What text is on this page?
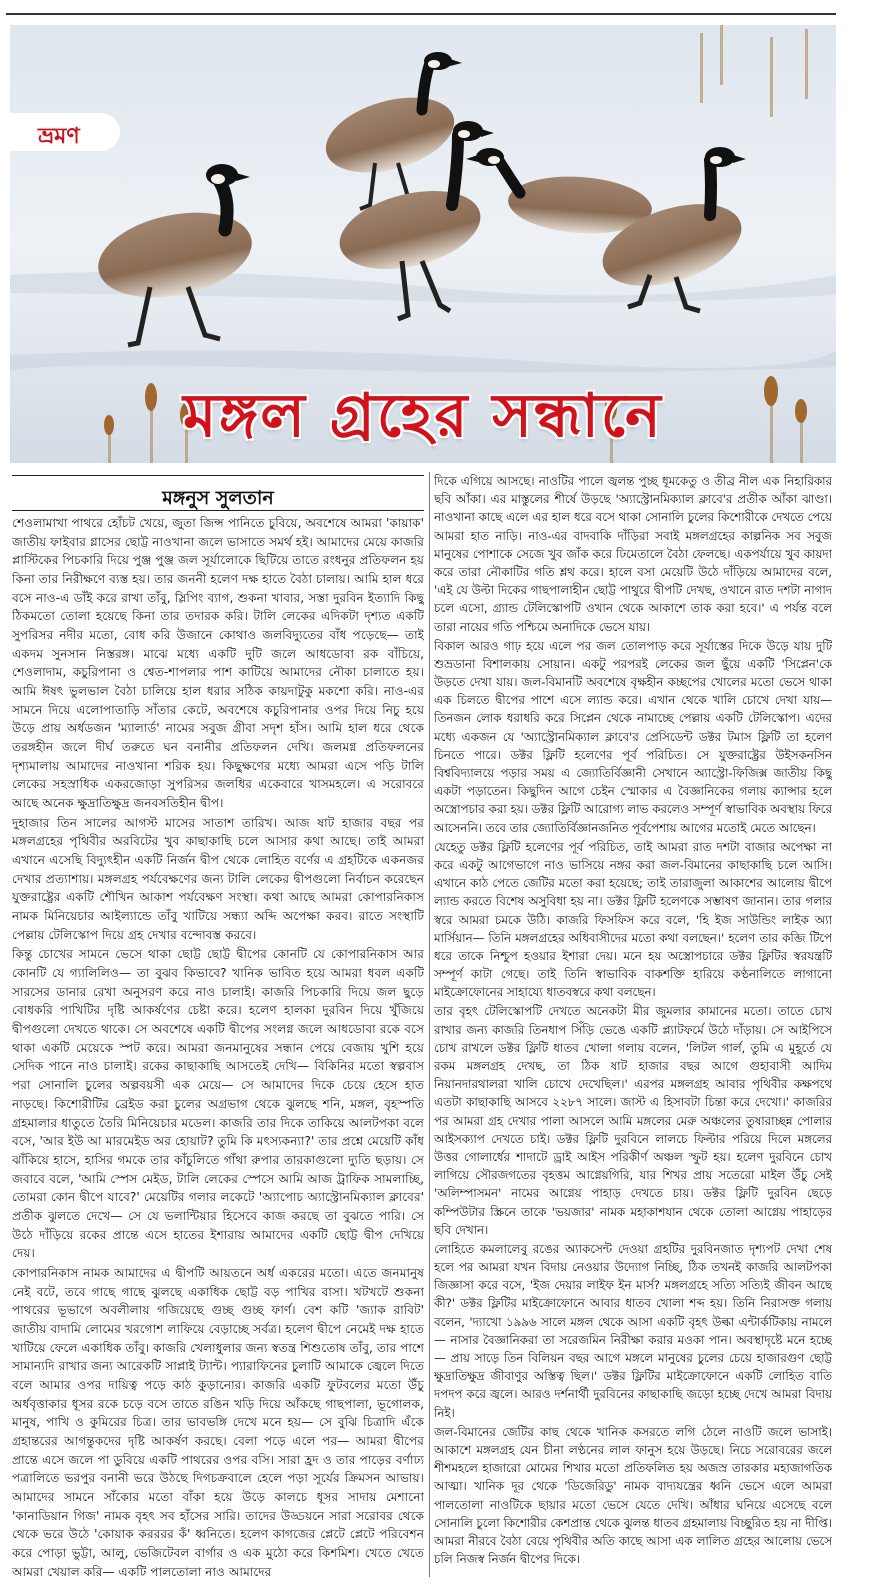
ভ্রমণ
মঙ্গল গ্রহের সন্ধানে
মঙ্গনুস সুলতান

শেওলামাখা পাথরে হোঁচট খেয়ে, জুতা জিন্স পানিতে চুবিয়ে, অবশেষে আমরা 'কায়াক' জাতীয় ফাইবার গ্লাসের ছোট্ট নাওখানা জলে ভাসাতে সমর্থ হই। আমাদের মেয়ে কাজরি প্লাস্টিকের পিচকারি দিয়ে পুঞ্জ পুঞ্জ জল সূর্যালোকে ছিটিয়ে তাতে রংধনুর প্রতিফলন হয় কিনা তার নিরীক্ষণে ব্যস্ত হয়। তার জননী হলেণ দক্ষ হাতে বৈঠা চালায়। আমি হাল ধরে বসে নাও-এ ডাঁই করে রাখা তাঁবু, স্লিপিং ব্যাগ, শুকনা খাবার, সস্তা দুরবিন ইত্যাদি কিছু ঠিকমতো তোলা হয়েছে কিনা তার তদারক করি। টালি লেকের এদিকটা দৃশ্যত একটি সুপরিসর নদীর মতো, বোধ করি উজানে কোথাও জলবিদ্যুতের বাঁধ পড়েছে— তাই একদম সুনসান নিস্তরঙ্গ। মাঝে মধ্যে একটি দুটি জলে আধডোবা রক বাঁচিয়ে, শেওলাদাম, কচুরিপানা ও শ্বেত-শাপলার পাশ কাটিয়ে আমাদের নৌকা চালাতে হয়। আমি ঈষৎ ভুলভাল বৈঠা চালিয়ে হাল ধরার সঠিক কায়দাটুকু মকশো করি। নাও-এর সামনে দিয়ে এলোপাতাড়ি সাঁতার কেটে, অবশেষে কচুরিপানার ওপর দিয়ে নিচু হয়ে উড়ে প্রায় অর্ধডজন 'ম্যালার্ড' নামের সবুজ গ্রীবা সদৃশ হাঁস। আমি হাল ধরে থেকে তরঙ্গহীন জলে দীর্ঘ তরুতে ঘন বনানীর প্রতিফলন দেখি। জলমগ্ন প্রতিফলনের দৃশ্যমালায় আমাদের নাওখানা শরিক হয়। কিছুক্ষণের মধ্যে আমরা এসে পড়ি টালি লেকের সহস্রাধিক একরজোড়া সুপরিসর জলধির একেবারে খাসমহলে। এ সরোবরে আছে অনেক ক্ষুদ্রাতিক্ষুদ্র জনবসতিহীন দ্বীপ।

দুহাজার তিন সালের আগস্ট মাসের সাতাশ তারিখ। আজ ষাট হাজার বছর পর মঙ্গলগ্রহের পৃথিবীর অরবিটের খুব কাছাকাছি চলে আসার কথা আছে। তাই আমরা এখানে এসেছি বিদ্যুৎহীন একটি নির্জন দ্বীপ থেকে লোহিত বর্ণের এ গ্রহটিকে একনজর দেখার প্রত্যাশায়। মঙ্গলগ্রহ পর্যবেক্ষণের জন্য টালি লেকের দ্বীপগুলো নির্বাচন করেছেন যুক্তরাষ্ট্রের একটি শৌখিন আকাশ পর্যবেক্ষণ সংস্থা। কথা আছে আমরা কোপারনিকাস নামক মিনিয়েচার আইল্যান্ডে তাঁবু খাটিয়ে সন্ধ্যা অব্দি অপেক্ষা করব। রাতে সংস্থাটি পেল্লায় টেলিস্কোপ দিয়ে গ্রহ দেখার বন্দোবস্ত করবে।

কিন্তু চোখের সামনে ভেসে থাকা ছোট্ট ছোট্ট দ্বীপের কোনটি যে কোপারনিকাস আর কোনটি যে গ্যালিলিও— তা বুঝব কিভাবে? খানিক ভাবিত হয়ে আমরা ধবল একটি সারসের ডানার রেখা অনুসরণ করে নাও চালাই। কাজরি পিচকারি দিয়ে জল ছুড়ে বোধকরি পাখিটির দৃষ্টি আকর্ষণের চেষ্টা করে। হলেণ হালকা দুরবিন দিয়ে খুঁজিয়ে দ্বীপগুলো দেখতে থাকে। সে অবশেষে একটি দ্বীপের সংলগ্ন জলে আধডোবা রকে বসে থাকা একটি মেয়েকে স্পট করে। আমরা জনমানুষের সন্ধান পেয়ে বেজায় খুশি হয়ে সেদিক পানে নাও চালাই। রকের কাছাকাছি আসতেই দেখি— বিকিনির মতো স্বল্পবাস পরা সোনালি চুলের অল্পবয়সী এক মেয়ে— সে আমাদের দিকে চেয়ে হেসে হাত নাড়ছে। কিশোরীটির ব্রেইড করা চুলের অগ্রভাগ থেকে ঝুলছে শনি, মঙ্গল, বৃহস্পতি গ্রহমালার ধাতুতে তৈরি মিনিয়েচার মডেল। কাজরি তার দিকে তাকিয়ে আলটপকা বলে বসে, 'আর ইউ আ মারমেইড অর হোয়াট? তুমি কি মৎস্যকন্যা?' তার প্রশ্নে মেয়েটি কাঁধ ঝাঁকিয়ে হাসে, হাসির গমকে তার কাঁচুলিতে গাঁথা রুপার তারকাগুলো দ্যুতি ছড়ায়। সে জবাবে বলে, 'আমি স্পেস মেইড, টালি লেকের স্পেসে আমি আজ ট্রাফিক সামলাচ্ছি, তোমরা কোন দ্বীপে যাবে?' মেয়েটির গলার লকেটে 'অ্যাপোচ অ্যাস্ট্রোনমিক্যাল ক্লাবের' প্রতীক ঝুলতে দেখে— সে যে ভলান্টিয়ার হিসেবে কাজ করছে তা বুঝতে পারি। সে উঠে দাঁড়িয়ে রকের প্রান্তে এসে হাতের ইশারায় আমাদের একটি ছোট্ট দ্বীপ দেখিয়ে দেয়।

কোপারনিকাস নামক আমাদের এ দ্বীপটি আয়তনে অর্ধ একরের মতো। এতে জনমানুষ নেই বটে, তবে গাছে গাছে ঝুলছে একাধিক ছোট্ট বড় পাখির বাসা। খটখটে শুকনা পাথরের ভূভাগে অবলীলায় গজিয়েছে গুচ্ছ গুচ্ছ ফার্ণ। বেশ কটি 'জ্যাক রাবিট' জাতীয় বাদামি লোমের খরগোশ লাফিয়ে বেড়াচ্ছে সর্বত্র। হলেণ দ্বীপে নেমেই দক্ষ হাতে খাটিয়ে ফেলে একাধিক তাঁবু। কাজরি খেলাধুলার জন্য স্বতন্ত্র শিশুতোষ তাঁবু, তার পাশে সামান্যদি রাখার জন্য আরেকটি সাপ্লাই ট্যান্ট। প্যারাফিনের চুলাটি আমাকে জ্বেলে দিতে বলে আমার ওপর দায়িত্ব পড়ে কাঠ কুড়ানোর। কাজরি একটি ফুটবলের মতো উঁচু অর্ধবৃত্তাকার ধূসর রকে চড়ে বসে তাতে রঙিন খড়ি দিয়ে আঁকছে গাছপালা, ভূগোলক, মানুষ, পাখি ও কুমিরের চিত্র। তার ভাবভঙ্গি দেখে মনে হয়— সে বুঝি চিত্রাদি এঁকে গ্রহান্তরের আগন্তুকদের দৃষ্টি আকর্ষণ করছে। বেলা পড়ে এলে পর— আমরা দ্বীপের প্রান্তে এসে জলে পা ডুবিয়ে একটি পাথরের ওপর বসি। সারা হ্রদ ও তার পাড়ের বর্ণাঢ্য পত্রালিতে ভরপুর বনানী ভরে উঠছে দিগচক্রবালে হেলে পড়া সূর্যের ক্রিমসন আভায়। আমাদের সামনে সাঁকোর মতো বাঁকা হয়ে উড়ে কালচে ধূসর সাদায় মেশানো 'কানাডিয়ান গিজ' নামক বৃহৎ সব হাঁসের সারি। তাদের উড্ডয়নে সারা সরোবর থেকে থেকে ভরে উঠে 'কোয়াক করররর কঁ' ধ্বনিতে। হলেণ কাগজের প্লেটে প্লেটে পরিবেশন করে পোড়া ভুট্টা, আলু, ভেজিটেবল বার্গার ও এক মুঠো করে কিশমিশ। খেতে খেতে আমরা খেয়াল করি— একটি পালতোলা নাও আমাদের

দিকে এগিয়ে আসছে। নাওটির পালে জ্বলন্ত পুচ্ছ ধূমকেতু ও তীব্র নীল এক নিহারিকার ছবি আঁকা। এর মাস্তুলের শীর্ষে উড়ছে 'অ্যাস্ট্রোনমিক্যাল ক্লাবে'র প্রতীক আঁকা ঝাণ্ডা। নাওখানা কাছে এলে এর হাল ধরে বসে থাকা সোনালি চুলের কিশোরীকে দেখতে পেয়ে আমরা হাত নাড়ি। নাও-এর বাদবাকি দাঁড়িরা সবাই মঙ্গলগ্রহের কাল্পনিক সব সবুজ মানুষের পোশাকে সেজে খুব জাঁক করে ঢিমেতালে বৈঠা ফেলছে। একপর্যায়ে খুব কায়দা করে তারা নৌকাটির গতি শ্লথ করে। হালে বসা মেয়েটি উঠে দাঁড়িয়ে আমাদের বলে, 'এই যে উল্টা দিকের গাছপালাহীন ছোট্ট পাথুরে দ্বীপটি দেখছ, ওখানে রাত দশটা নাগাদ চলে এসো, গ্র্যান্ড টেলিস্কোপটি ওখান থেকে আকাশে তাক করা হবে।' এ পর্যন্ত বলে তারা নায়ের গতি পশ্চিমে অনাদিকে ভেসে যায়।

বিকাল আরও গাঢ় হয়ে এলে পর জল তোলপাড় করে সূর্যাস্তের দিকে উড়ে যায় দুটি শুভ্রডানা বিশালকায় সোয়ান। একটু পরপরই লেকের জল ছুঁয়ে একটি 'সিপ্লেন'কে উড়তে দেখা যায়। জল-বিমানটি অবশেষে বৃক্ষহীন কচ্ছপের খোলের মতো ভেসে থাকা এক চিলতে দ্বীপের পাশে এসে ল্যান্ড করে। এখান থেকে খালি চোখে দেখা যায়— তিনজন লোক ধরাধরি করে সিপ্লেন থেকে নামাচ্ছে পেল্লায় একটি টেলিস্কোপ। এদের মধ্যে একজন যে 'অ্যাস্ট্রোনমিক্যাল ক্লাবে'র প্রেসিডেন্ট ডক্টর টমাস ফ্লিটি তা হলেণ চিনতে পারে। ডক্টর ফ্লিটি হলেণের পূর্ব পরিচিত। সে যুক্তরাষ্ট্রের উইসকনসিন বিশ্ববিদ্যালয়ে পড়ার সময় এ জ্যোতির্বিজ্ঞানী সেখানে অ্যাস্ট্রো-ফিজিক্স জাতীয় কিছু একটা পড়াতেন। কিছুদিন আগে চেইন স্মোকার এ বৈজ্ঞানিকের গলায় ক্যান্সার হলে অস্ত্রোপচার করা হয়। ডক্টর ফ্লিটি আরোগ্য লাভ করলেও সম্পূর্ণ স্বাভাবিক অবস্থায় ফিরে আসেননি। তবে তার জ্যোতির্বিজ্ঞানজনিত পূর্বপেশায় আগের মতোই মেতে আছেন।

যেহেতু ডক্টর ফ্লিটি হলেণের পূর্ব পরিচিত, তাই আমরা রাত দশটা বাজার অপেক্ষা না করে একটু আগেভাগে নাও ভাসিয়ে নঙ্গর করা জল-বিমানের কাছাকাছি চলে আসি। এখানে কাঠ পেতে জেটির মতো করা হয়েছে; তাই তারাজুলা আকাশের আলোয় দ্বীপে ল্যান্ড করতে বিশেষ অসুবিধা হয় না। ডক্টর ফ্লিটি হলেণকে সম্ভাষণ জানান। তার গলার স্বরে আমরা চমকে উঠি। কাজরি ফিসফিস করে বলে, 'হি ইজ সাউন্ডিং লাইক অ্যা মার্সিয়ান— তিনি মঙ্গলগ্রহের অধিবাসীদের মতো কথা বলছেন।' হলেণ তার কব্জি টিপে ধরে তাকে নিশ্চুপ হওয়ার ইশারা দেয়। মনে হয় অস্ত্রোপচারে ডক্টর ফ্লিটির স্বরযন্ত্রটি সম্পূর্ণ কাটা গেছে। তাই তিনি স্বাভাবিক বাকশক্তি হারিয়ে কণ্ঠনালিতে লাগানো মাইক্রোফোনের সাহায্যে ধাতবস্বরে কথা বলছেন।

তার বৃহৎ টেলিস্কোপটি দেখতে অনেকটা মীর জুমলার কামানের মতো। তাতে চোখ রাখার জন্য কাজরি তিনধাপ সিঁড়ি ভেঙে একটি প্ল্যাটফর্মে উঠে দাঁড়ায়। সে আইপিসে চোখ রাখলে ডক্টর ফ্লিটি ধাতব খোলা গলায় বলেন, 'লিটল গার্ল, তুমি এ মুহূর্তে যে রকম মঙ্গলগ্রহ দেখছ, তা ঠিক ষাট হাজার বছর আগে গুহাবাসী আদিম নিয়ানদারথালরা খালি চোখে দেখেছিল।' এরপর মঙ্গলগ্রহ আবার পৃথিবীর কক্ষপথে এতটা কাছাকাছি আসবে ২২৮৭ সালে। জাস্ট এ হিসাবটা চিন্তা করে দেখো।' কাজরির পর আমরা গ্রহ দেখার পালা আসলে আমি মঙ্গলের মেরু অঞ্চলের তুষারাচ্ছন্ন পোলার আইসক্যাপ দেখতে চাই। ডক্টর ফ্লিটি দুরবিনে লালচে ফিল্টার পরিয়ে দিলে মঙ্গলের উত্তর গোলার্ধের শাদাটে ড্রাই আইস পরিকীর্ণ অঞ্চল স্ফুট হয়। হলেণ দুরবিনে চোখ লাগিয়ে সৌরজগতের বৃহত্তম আগ্নেয়গিরি, যার শিখর প্রায় সতেরো মাইল উঁচু সেই 'অলিম্পাসমন' নামের আগ্নেয় পাহাড় দেখতে চায়। ডক্টর ফ্লিটি দুরবিন ছেড়ে কম্পিউটার স্ক্রিনে তাকে 'ভয়জার' নামক মহাকাশযান থেকে তোলা আগ্নেয় পাহাড়ের ছবি দেখান।

লোহিতে কমলালেবু রঙের অ্যাকসেন্ট দেওয়া গ্রহটির দুরবিনজাত দৃশ্যপট দেখা শেষ হলে পর আমরা যখন বিদায় নেওয়ার উদ্যোগ নিচ্ছি, ঠিক তখনই কাজরি আলটপকা জিজ্ঞাসা করে বসে, 'ইজ দেয়ার লাইফ ইন মার্স? মঙ্গলগ্রহে সত্যি সত্যিই জীবন আছে কী?' ডক্টর ফ্লিটির মাইক্রোফোনে আবার ধাতব খোলা শব্দ হয়। তিনি নিরাসক্ত গলায় বলেন, 'দ্যাখো ১৯৯৬ সালে মঙ্গল থেকে আসা একটি বৃহৎ উল্কা এন্টার্কটিকায় নামলে— নাসার বৈজ্ঞানিকরা তা সরেজমিন নিরীক্ষা করার মওকা পান। অবস্থাদৃষ্টে মনে হচ্ছে— প্রায় সাড়ে তিন বিলিয়ন বছর আগে মঙ্গলে মানুষের চুলের চেয়ে হাজারগুণ ছোট্ট ক্ষুদ্রাতিক্ষুদ্র জীবাণুর অস্তিত্ব ছিল।' ডক্টর ফ্লিটির মাইক্রোফোনে একটি লোহিত বাতি দপদপ করে জ্বলে। আরও দর্শনার্থী দুরবিনের কাছাকাছি জড়ো হচ্ছে দেখে আমরা বিদায় নিই।

জল-বিমানের জেটির কাছ থেকে খানিক কসরতে লগি ঠেলে নাওটি জলে ভাসাই। আকাশে মঙ্গলগ্রহ যেন চীনা লণ্ঠনের লাল ফানুস হয়ে উড়ছে। নিচে সরোবরের জলে শীশমহলে হাজারো মোমের শিখার মতো প্রতিফলিত হয় অজস্র তারকার মহাজাগতিক আত্মা। খানিক দূর থেকে 'ডিজেরিডু' নামক বাদ্যযন্ত্রের ধ্বনি ভেসে এলে আমরা পালতোলা নাওটিকে ছায়ার মতো ভেসে যেতে দেখি। আঁধার ঘনিয়ে এসেছে বলে সোনালি চুলো কিশোরীর কেশপ্রান্ত থেকে ঝুলন্ত ধাতব গ্রহমালায় বিচ্ছুরিত হয় না দীপ্তি। আমরা নীরবে বৈঠা বেয়ে পৃথিবীর অতি কাছে আসা এক লালিত গ্রহের আলোয় ভেসে চলি নিজস্ব নির্জন দ্বীপের দিকে।
